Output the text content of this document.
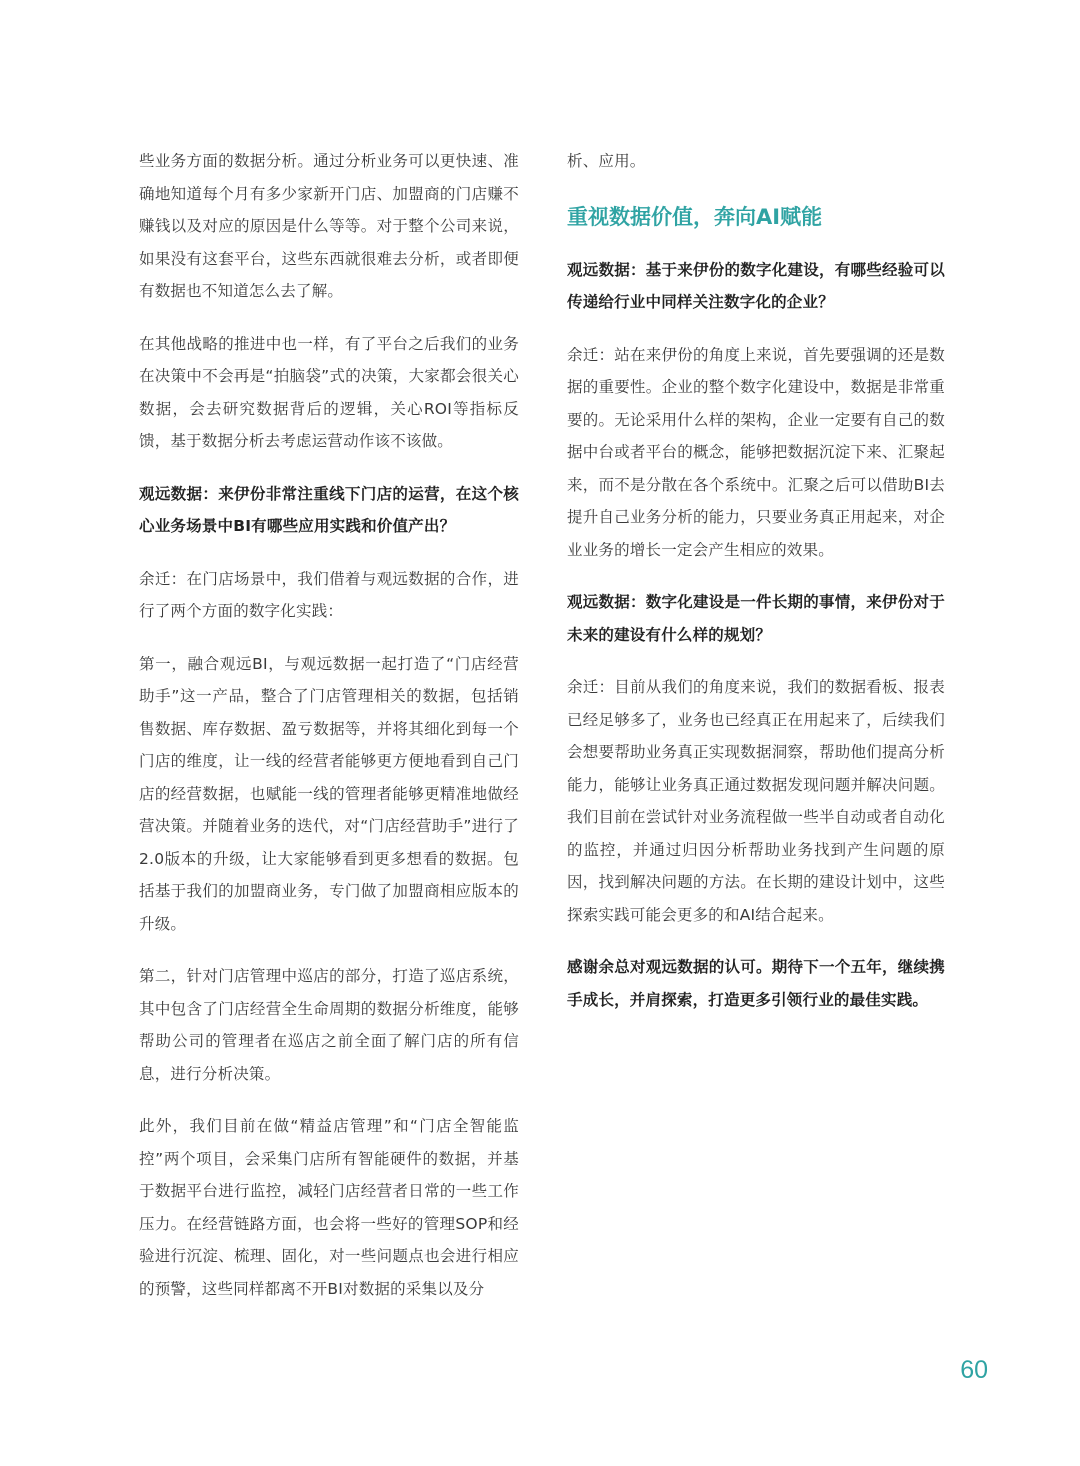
些业务方面的数据分析。通过分析业务可以更快速、准确地知道每个月有多少家新开门店、加盟商的门店赚不赚钱以及对应的原因是什么等等。对于整个公司来说，如果没有这套平台，这些东西就很难去分析，或者即便有数据也不知道怎么去了解。

在其他战略的推进中也一样，有了平台之后我们的业务在决策中不会再是“拍脑袋”式的决策，大家都会很关心数据，会去研究数据背后的逻辑，关心ROI等指标反馈，基于数据分析去考虑运营动作该不该做。

观远数据：来伊份非常注重线下门店的运营，在这个核心业务场景中BI有哪些应用实践和价值产出？

余迁：在门店场景中，我们借着与观远数据的合作，进行了两个方面的数字化实践：

第一，融合观远BI，与观远数据一起打造了“门店经营助手”这一产品，整合了门店管理相关的数据，包括销售数据、库存数据、盈亏数据等，并将其细化到每一个门店的维度，让一线的经营者能够更方便地看到自己门店的经营数据，也赋能一线的管理者能够更精准地做经营决策。并随着业务的迭代，对“门店经营助手”进行了2.0版本的升级，让大家能够看到更多想看的数据。包括基于我们的加盟商业务，专门做了加盟商相应版本的升级。

第二，针对门店管理中巡店的部分，打造了巡店系统，其中包含了门店经营全生命周期的数据分析维度，能够帮助公司的管理者在巡店之前全面了解门店的所有信息，进行分析决策。

此外，我们目前在做“精益店管理”和“门店全智能监控”两个项目，会采集门店所有智能硬件的数据，并基于数据平台进行监控，减轻门店经营者日常的一些工作压力。在经营链路方面，也会将一些好的管理SOP和经验进行沉淀、梳理、固化，对一些问题点也会进行相应的预警，这些同样都离不开BI对数据的采集以及分

析、应用。

重视数据价值，奔向AI赋能

观远数据：基于来伊份的数字化建设，有哪些经验可以传递给行业中同样关注数字化的企业？

余迁：站在来伊份的角度上来说，首先要强调的还是数据的重要性。企业的整个数字化建设中，数据是非常重要的。无论采用什么样的架构，企业一定要有自己的数据中台或者平台的概念，能够把数据沉淀下来、汇聚起来，而不是分散在各个系统中。汇聚之后可以借助BI去提升自己业务分析的能力，只要业务真正用起来，对企业业务的增长一定会产生相应的效果。

观远数据：数字化建设是一件长期的事情，来伊份对于未来的建设有什么样的规划？

余迁：目前从我们的角度来说，我们的数据看板、报表已经足够多了，业务也已经真正在用起来了，后续我们会想要帮助业务真正实现数据洞察，帮助他们提高分析能力，能够让业务真正通过数据发现问题并解决问题。我们目前在尝试针对业务流程做一些半自动或者自动化的监控，并通过归因分析帮助业务找到产生问题的原因，找到解决问题的方法。在长期的建设计划中，这些探索实践可能会更多的和AI结合起来。

感谢余总对观远数据的认可。期待下一个五年，继续携手成长，并肩探索，打造更多引领行业的最佳实践。

60
